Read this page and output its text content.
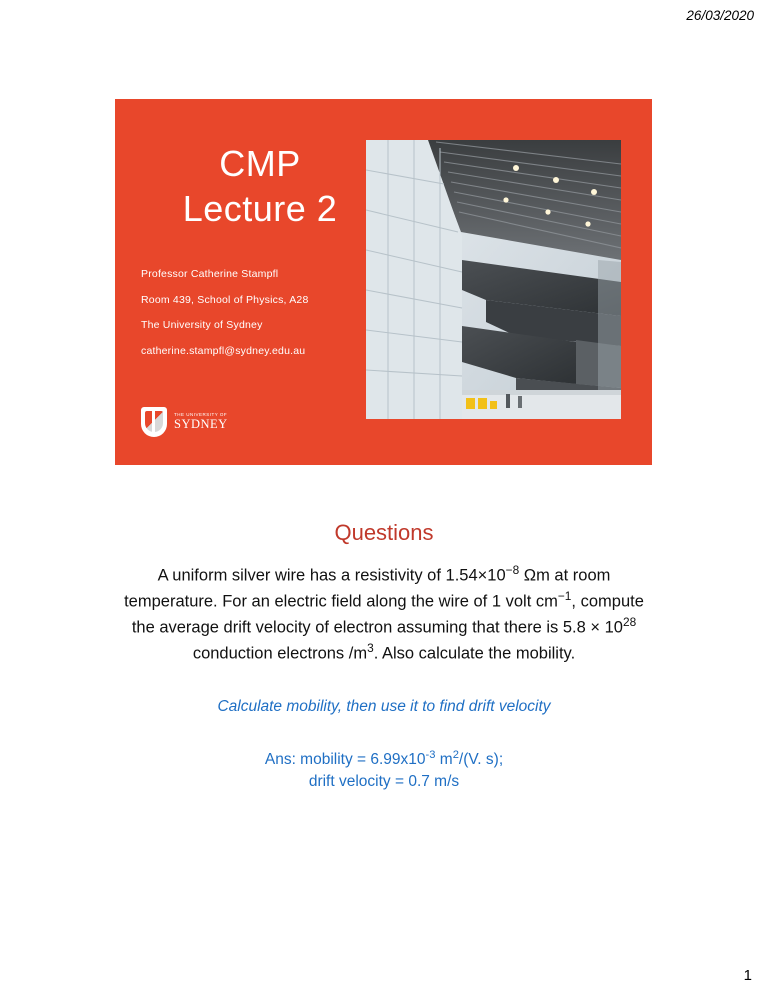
26/03/2020
CMP
Lecture 2
Professor Catherine Stampfl
Room 439, School of Physics, A28
The University of Sydney
catherine.stampfl@sydney.edu.au
THE UNIVERSITY OF
SYDNEY
Questions
A uniform silver wire has a resistivity of $1.54\times 10^{-8}$ Ωm at room temperature. For an electric field along the wire of 1 volt $cm^{-1}$, compute the average drift velocity of electron assuming that there is $5.8 \times 10^{28}$ conduction electrons $/m^3$. Also calculate the mobility.
Calculate mobility, then use it to find drift velocity
Ans: mobility = $6.99x10^{-3}$ $m^2/(V$. s);
drift velocity = 0.7 m/s
1
